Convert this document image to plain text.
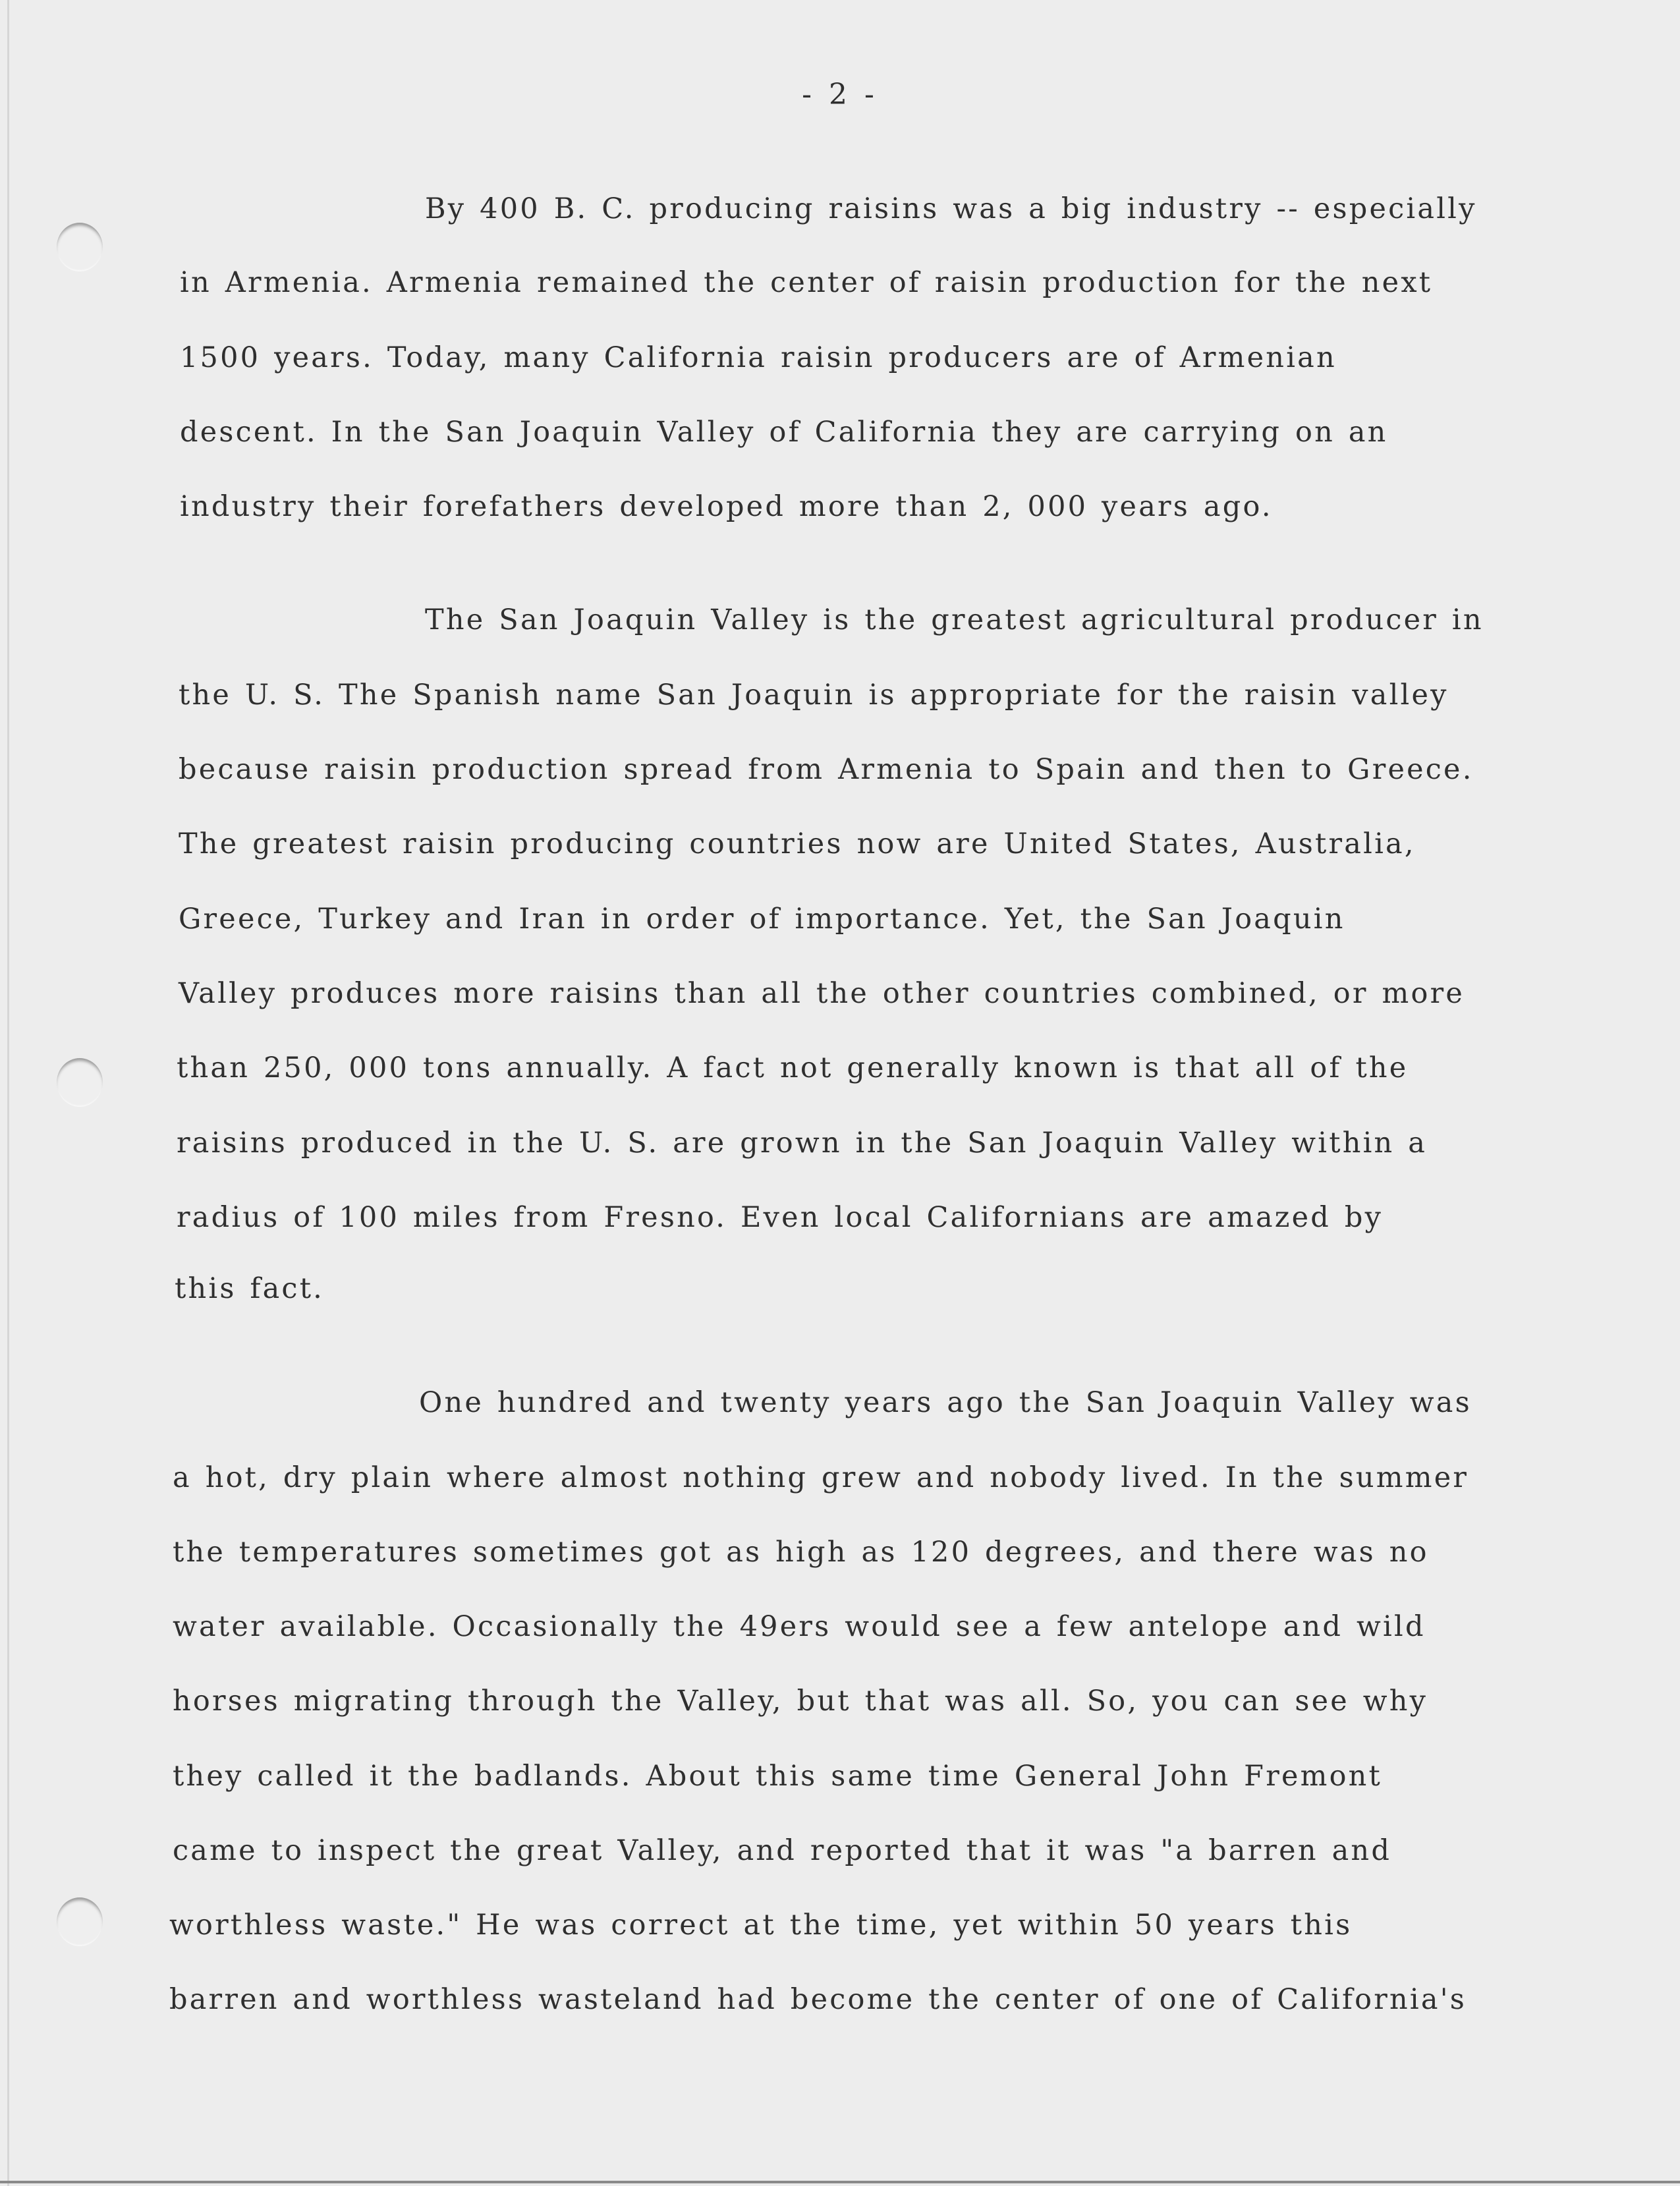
- 2 -
By 400 B. C. producing raisins was a big industry -- especially
in Armenia. Armenia remained the center of raisin production for the next
1500 years. Today, many California raisin producers are of Armenian
descent. In the San Joaquin Valley of California they are carrying on an
industry their forefathers developed more than 2, 000 years ago.
The San Joaquin Valley is the greatest agricultural producer in
the U. S. The Spanish name San Joaquin is appropriate for the raisin valley
because raisin production spread from Armenia to Spain and then to Greece.
The greatest raisin producing countries now are United States, Australia,
Greece, Turkey and Iran in order of importance. Yet, the San Joaquin
Valley produces more raisins than all the other countries combined, or more
than 250, 000 tons annually. A fact not generally known is that all of the
raisins produced in the U. S. are grown in the San Joaquin Valley within a
radius of 100 miles from Fresno. Even local Californians are amazed by
this fact.
One hundred and twenty years ago the San Joaquin Valley was
a hot, dry plain where almost nothing grew and nobody lived. In the summer
the temperatures sometimes got as high as 120 degrees, and there was no
water available. Occasionally the 49ers would see a few antelope and wild
horses migrating through the Valley, but that was all. So, you can see why
they called it the badlands. About this same time General John Fremont
came to inspect the great Valley, and reported that it was "a barren and
worthless waste." He was correct at the time, yet within 50 years this
barren and worthless wasteland had become the center of one of California's
